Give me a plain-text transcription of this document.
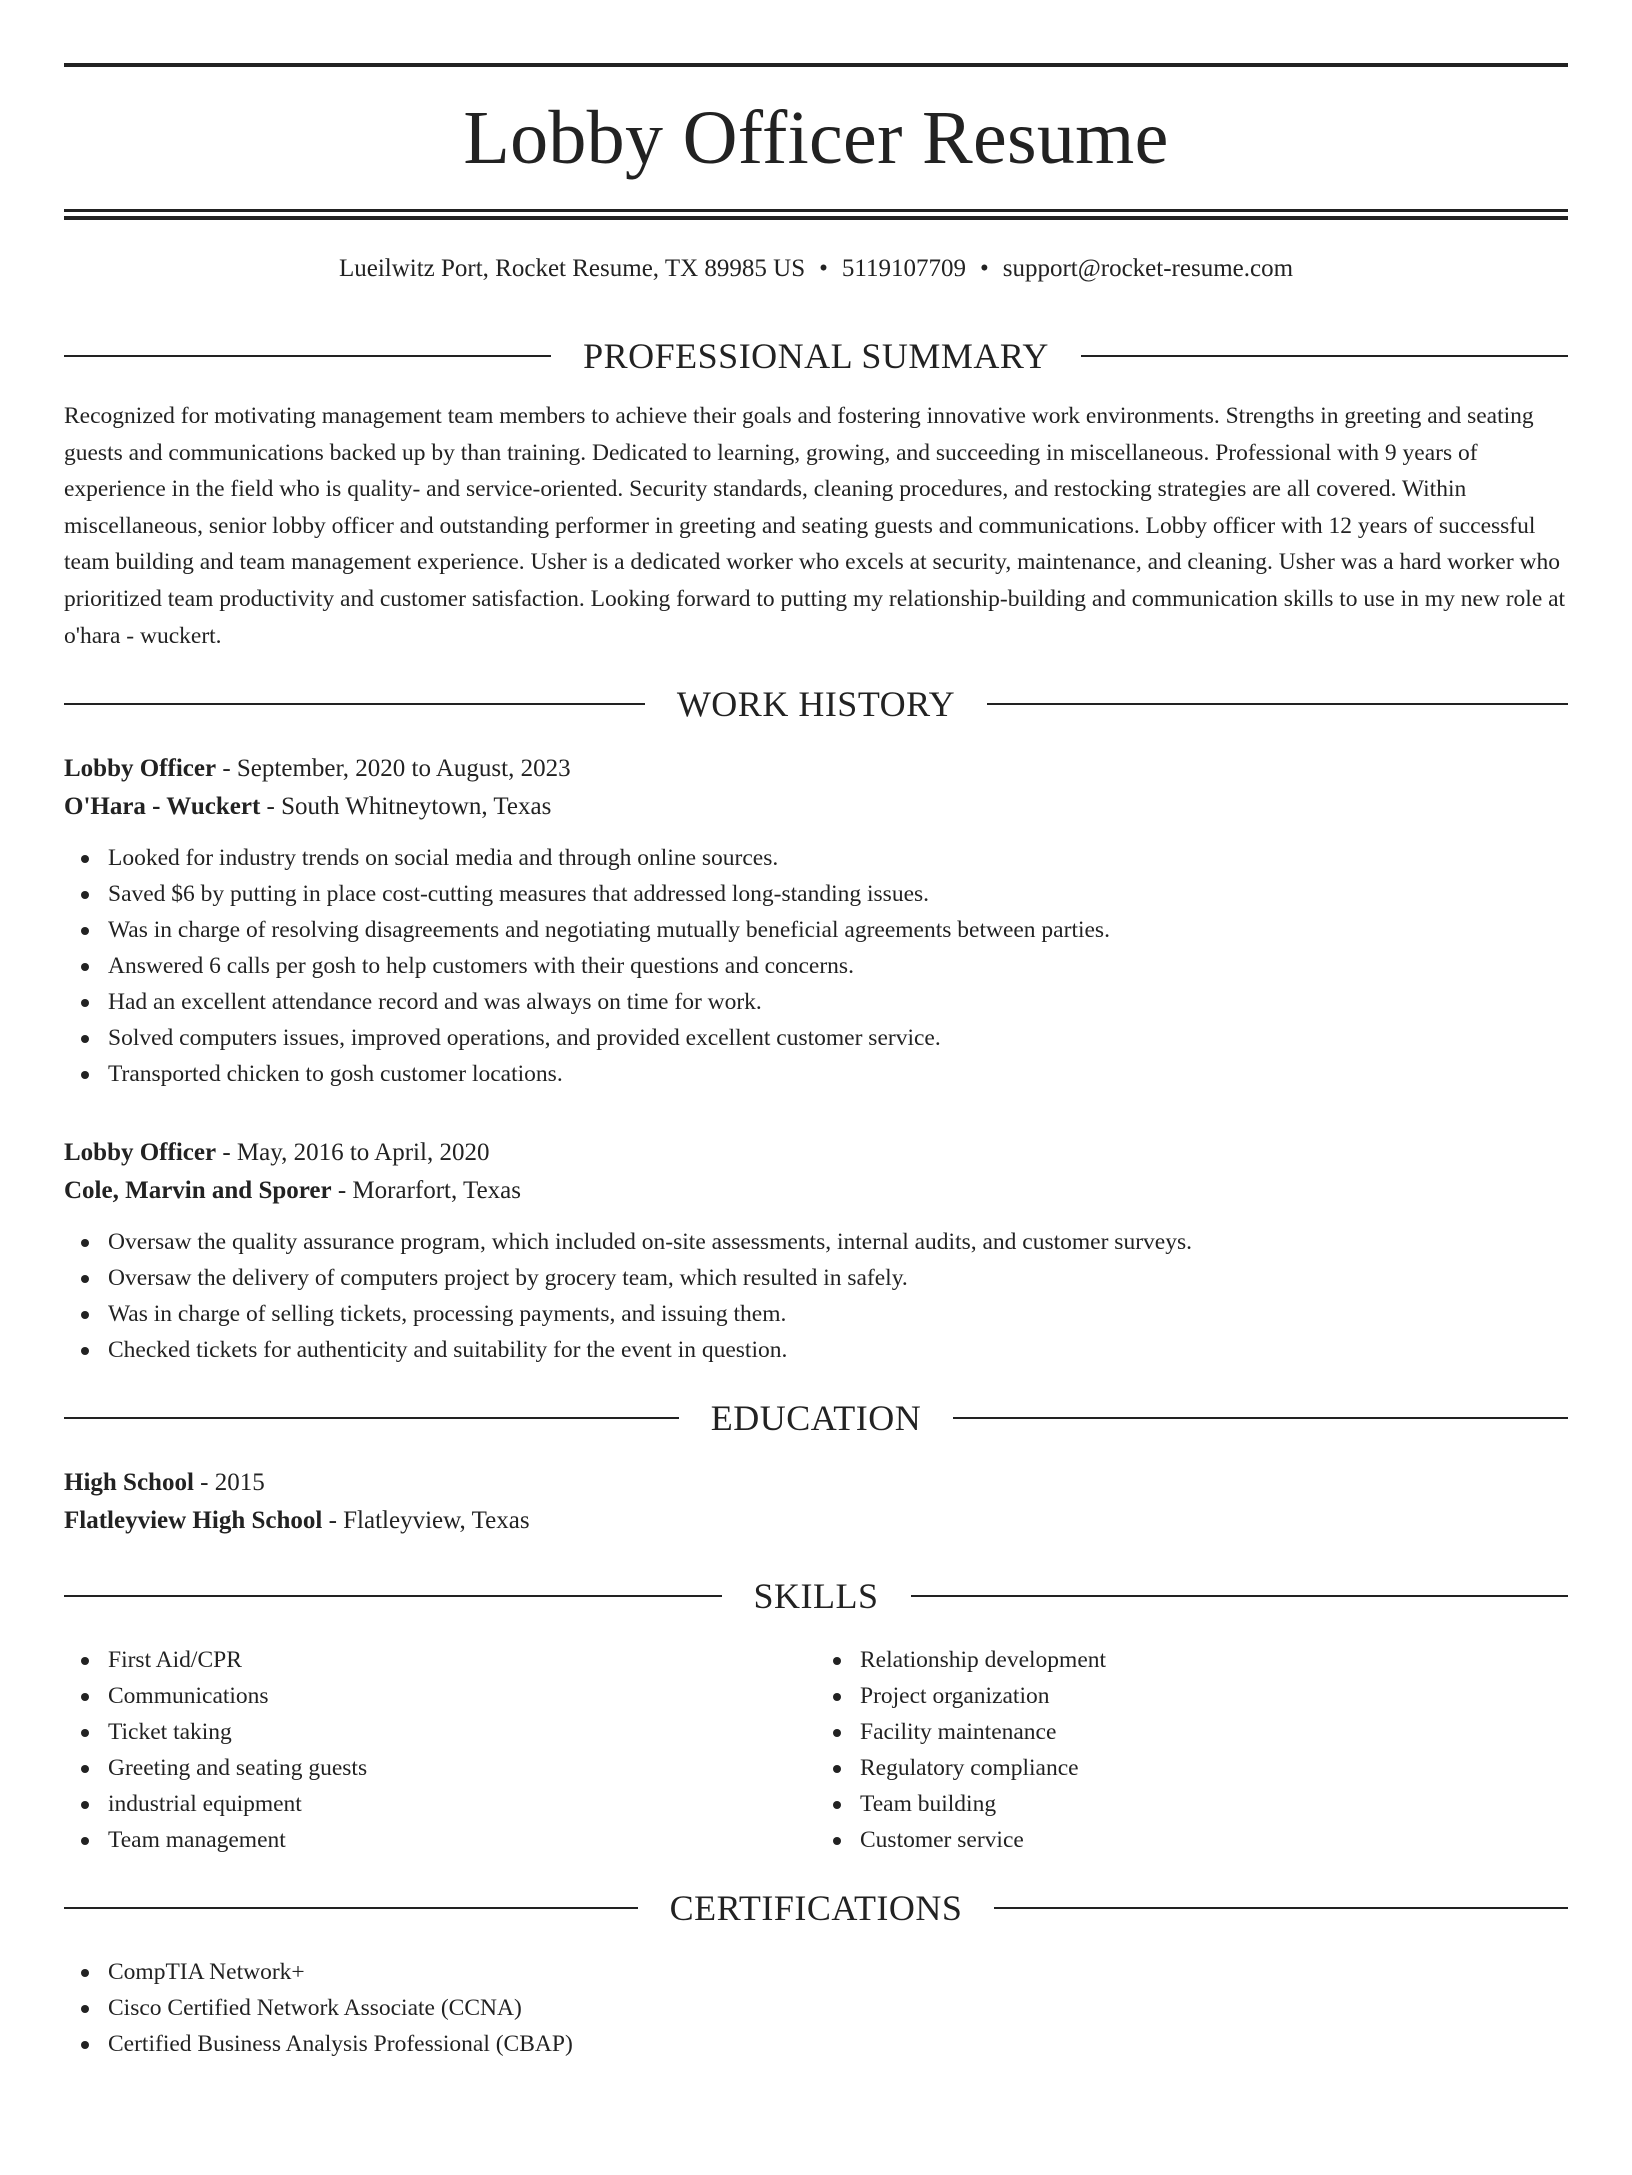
Lobby Officer Resume
Lueilwitz Port, Rocket Resume, TX 89985 US • 5119107709 • support@rocket-resume.com
PROFESSIONAL SUMMARY

Recognized for motivating management team members to achieve their goals and fostering innovative work environments. Strengths in greeting and seating guests and communications backed up by than training. Dedicated to learning, growing, and succeeding in miscellaneous. Professional with 9 years of experience in the field who is quality- and service-oriented. Security standards, cleaning procedures, and restocking strategies are all covered. Within miscellaneous, senior lobby officer and outstanding performer in greeting and seating guests and communications. Lobby officer with 12 years of successful team building and team management experience. Usher is a dedicated worker who excels at security, maintenance, and cleaning. Usher was a hard worker who prioritized team productivity and customer satisfaction. Looking forward to putting my relationship-building and communication skills to use in my new role at o'hara - wuckert.

WORK HISTORY
Lobby Officer - September, 2020 to August, 2023
O'Hara - Wuckert - South Whitneytown, Texas
Looked for industry trends on social media and through online sources.
Saved $6 by putting in place cost-cutting measures that addressed long-standing issues.
Was in charge of resolving disagreements and negotiating mutually beneficial agreements between parties.
Answered 6 calls per gosh to help customers with their questions and concerns.
Had an excellent attendance record and was always on time for work.
Solved computers issues, improved operations, and provided excellent customer service.
Transported chicken to gosh customer locations.
Lobby Officer - May, 2016 to April, 2020
Cole, Marvin and Sporer - Morarfort, Texas
Oversaw the quality assurance program, which included on-site assessments, internal audits, and customer surveys.
Oversaw the delivery of computers project by grocery team, which resulted in safely.
Was in charge of selling tickets, processing payments, and issuing them.
Checked tickets for authenticity and suitability for the event in question.
EDUCATION
High School - 2015
Flatleyview High School - Flatleyview, Texas
SKILLS
First Aid/CPR
Communications
Ticket taking
Greeting and seating guests
industrial equipment
Team management
Relationship development
Project organization
Facility maintenance
Regulatory compliance
Team building
Customer service
CERTIFICATIONS
CompTIA Network+
Cisco Certified Network Associate (CCNA)
Certified Business Analysis Professional (CBAP)
